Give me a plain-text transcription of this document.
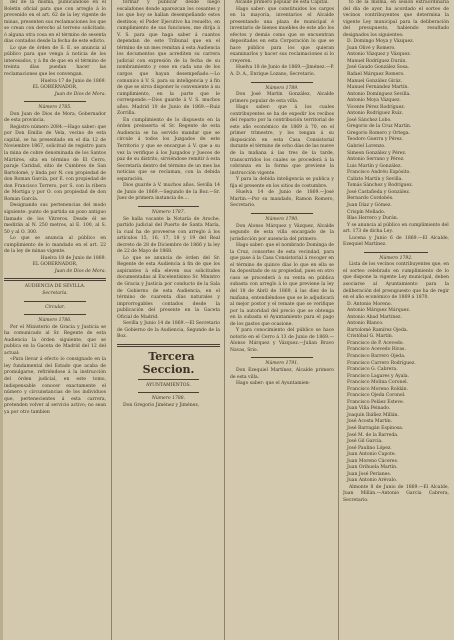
del de la misma, publicándose en el Boletin oficial para que con arreglo á lo prevenido en el art. 62 de la ley vigente de minas, presenten sus reclamaciones los que se crean con derecho al terreno solicitado, ó alguna otra cosa en el término de sesenta días contados desde la fecha de este edicto.

Lo que de órden de S. E. se anuncia al público para que venga á noticia de los interesados, y á fin de que en el término de treinta días puedan hacer las reclamaciones que les convengan.

Huelva 17 de Junio de 1869.

EL GOBERNADOR,

Juan de Dios de Mora.

Número 1785.

Don Juan de Dios de Mora, Gobernador de esta provincia.

Registro número 2084.—Hago saber: que por Don Emilio de Vela, vecino de esta capital, se ha presentado en el dia 12 de Noviembre 1867, solicitud de registro para la mina de cobre denominada de los Santos Mártires, sita en término de El Cerro, paraje Caridad, sitio de Cumbres de San Bartolomé, y linda por N. con propiedad de don Roman García, por E. con propiedad de don Francisco Torrero, por S. con la ribera de Mortiga y por O. con propiedad de don Roman García.

Designando sus pertenencias del modo siguiente: punto de partida un pozo antiguo llamado de los Vitreros. Desde él se medirán al N. 250 metros, al E. 100, al S. 50 y al O. 300.

Lo que se anuncia al público en cumplimiento de lo mandado en el art. 22 de la ley de minas vigente.

Huelva 18 de Junio de 1869.

EL GOBERNADOR,

Juan de Dios de Mora.

AUDIENCIA DE SEVILLA.

Secretaría.

Circular.

Número 1786.

Por el Ministerio de Gracia y Justicia se ha comunicado al Sr. Regente de esta Audiencia la órden siguiente, que se publica en la Gaceta de Madrid del 12 del actual:

«Para llevar á efecto lo consignado en la ley fundamental del Estado que acaba de promulgarse, refiriéndose á la instrucción del órden judicial, en este tomo, indispensable conocer exactamente el número y circunstancias de los individuos que, pertenecientes á esta carrera, pretenden volver al servicio activo; no sean ya por otro tambien

formar y publicar desde luego escalafones donde aparezcan los cesantes y los que hoy se hallan desempeñando estos destinos; el Poder Ejecutivo ha resuelto, en cumplimiento de sus funciones, me dirija á V. S. para que haga saber á cuantos dependan de este Tribunal que en el término de un mes remitan á esta Audiencia los documentos que acrediten su carrera judicial con expresión de la fecha de su nombramiento y cese en cada uno de los cargos que hayan desempeñado.—Lo comunico á V. S. para su inteligencia y á fin de que se sirva disponer lo conveniente á su cumplimiento, en la parte que le corresponde.—Dios guarde á V. S. muchos años. Madrid 10 de Junio de 1869.—Ruiz Zorrilla.

En cumplimiento de lo dispuesto en la órden preinserta el Sr. Regente de esta Audiencia se ha servido mandar que se circule á todos los Juzgados de este Territorio y que se encargue á V. que a su vez la verifique á los Juzgados y Jueces de paz de su distrito, sirviéndose remitir á esta Secretaría dentro del término de un mes las noticias que se reclaman, con la debida separación.

Dios guarde á V. muchos años. Sevilla 14 de Junio de 1869.—Segundo de la Boz.—Sr. Juez de primera instancia de....

Número 1787.

Se halla vacante la Notaría de Aroche, partido judicial del Puerto de Santa María, la cual ha de proveerse con arreglo á los artículos 15, 16, 17, 18 y 19 del Real decreto de 28 de Diciembre de 1866 y la ley de 22 de Mayo de 1868.

Lo que se anuncia de órden del Sr. Regente de esta Audiencia á fin de que los aspirantes á ella eleven sus solicitudes documentadas al Excelentísimo Sr. Ministro de Gracia y Justicia por conducto de la Sala de Gobierno de esta Audiencia, en el término de cuarenta días naturales y improrrogables contados desde la publicación del presente en la Gaceta Oficial de Madrid.

Sevilla y Junio 14 de 1869.—El Secretario de Gobierno de la Audiencia, Segundo de la Boz.

Tercera Seccion.

AYUNTAMIENTOS.

Número 1788.

Don Gregorio Jiménez y Jiménez,

Alcalde primero popular de esta Capital.

Hago saber: que constituidos los cargos en la mayoría, inventarios el Alcalde presentando una plaza de municipal é inventario de bienes muebles de este año los efectos y demás como que se encuentran depositados en esta Corporación lo que se hace público para los que quieran examinarlos y hacer sus reclamaciones si lo creyeren.

Huelva 18 de Junio de 1869.—Jiménez.—P. A. D. A., Enrique Lozano, Secretario.

Número 1789.

Don José Martin González, Alcalde primero popular de esta villa.

Hago saber: que á los cuales contribuyentes se ha de expedir los recibos del reparto por la contribución territorial de este año económico de 1869 á 70, en el primer trimestre, y los tengan á su disposición en esta Casa Consistorial durante el término de ocho días de las nueve de la mañana á las tres de la tarde, transcurridos los cuales se procederá á la cobranza en la forma que previene la instrucción vigente.

Y para la debida inteligencia se publica y fija el presente en los sitios de costumbre.

Huelva 14 de Junio de 1869.—José Martin.—Por su mandado, Ramon Romero, Secretario.

Número 1790.

Don Alonso Márquez y Vázquez, Alcalde segundo de esta villa encargado de la jurisdicción por ausencia del primero.

Hago saber: que el nombrado Dominga de la Cruz, consortes de esta vecindad, para que pase á la Casa Consistorial á recoger en el término de quince días lo que en ella se ha depositado de su propiedad, pues en otro caso se procederá á su venta en pública subasta con arreglo á lo que previene la ley del 18 de Abril de 1869, á las diez de la mañana, entendiéndose que se le adjudicará al mejor postor y el remate que se verifique por la autoridad del precio que se obtenga en la subasta el Ayuntamiento para el pago de los gastos que ocasione.

Y para conocimiento del público se hace notorio en el Cerro á 13 de Junio de 1869.—Alonso Márquez y Vázquez.—Julian Bravo Navas, Srio.

Número 1791.

Don Ezequiel Martínez, Alcalde primero de esta villa.

Hago saber: que el Ayuntamien-

to de la misma, en sesión extraordinaria del día de ayer, ha acordado el sorteo de vecinos contribuyentes que determina la vigente Ley municipal para la deliberación del presupuesto, habiendo resultado designados los siguientes:

D. Domingo Moya y Vázquez.

Juan Olivé y Romero.

Antonio Vázquez y Vázquez.

Manuel Rodríguez Durán.

José Gaudo González Sosa.

Rafael Márquez Romero.

Manuel González Giráz.

Manuel Fernández Martín.

Antonio Domínguez Sevilla.

Antonio Moya Vázquez.

Vicente Pérez Rodríguez.

Antonio Rodríguez Ruíz.

José Sánchez Lobo.

Gregorio de la Cruz Martín.

Gregorio Romero y Ortega.

Teodoro Guerra y Pérez.

Gabriel Lorenzo.

Simeon González y Pérez.

Antonio Serrano y Pérez.

Luis Martín y González.

Francisco Andréu Expósito.

Calixto Martín y Sevilla.

Tomás Sánchez y Rodríguez.

José Castañeda y González.

Bernardo Cordobés.

Juan Díaz y Gómez.

Crispín Mellado.

Blas Herrero y Durán.

Y se anuncia al público en cumplimiento del art. 173 de dicha Ley.

Lucena y Junio 6 de 1869.—El Alcalde, Ezequiel Martínez.

Número 1792.

Lista de los vecinos contribuyentes que, en el sorteo celebrado en cumplimiento de lo que dispone la vigente Ley municipal, deben asociarse al Ayuntamiento para la deliberación del presupuesto que ha de regir en el año económico de 1869 á 1870.

D. Antonio Moreno.

Antonio Márquez Márquez.

Antonio Abad Martínez.

Antonio Blanco.

Bartolomé Ramírez Ojeda.

Cristóbal G. Martín.

Francisco de P. Acevedo.

Francisco Acevedo Rivas.

Francisco Barrero Ojeda.

Francisco Carrero Rodríguez.

Francisco G. Cabrera.

Francisco Lagares y Ayala.

Francisco Molina Coronel.

Francisco Moreno Roldán.

Francisco Ojeda Coronel.

Francisco Peláez Esteve.

Juan Viña Peinado.

Joaquín Ibáñez Millán.

José Acosta Martín.

José Barragán Espinosa.

José M. de la Barreda.

José Gil García.

José Paulino López.

Juan Antonio Capote.

Juan Moreno Cáceres.

Juan Orihuela Martín.

Juan José Perianes.

Juan Antonio Arévalo.

Almonte 8 de Junio de 1869.—El Alcalde, Juan Millán.—Antonio García Cabrera, Secretario.
